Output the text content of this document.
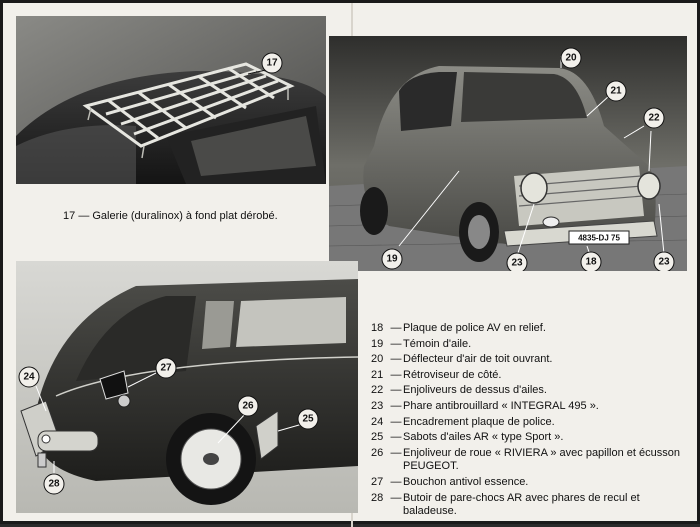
17
17 — Galerie (duralinox) à fond plat dérobé.
4835-DJ 75
20
21
22
19	23	18	23
27
24
26
25
28
18 — Plaque de police AV en relief.
19 — Témoin d'aile.
20 — Déflecteur d'air de toit ouvrant.
21 — Rétroviseur de côté.
22 — Enjoliveurs de dessus d'ailes.
23 — Phare antibrouillard « INTEGRAL 495 ».
24 — Encadrement plaque de police.
25 — Sabots d'ailes AR « type Sport ».
26 — Enjoliveur de roue « RIVIERA » avec papillon et écusson PEUGEOT.
27 — Bouchon antivol essence.
28 — Butoir de pare-chocs AR avec phares de recul et baladeuse.
